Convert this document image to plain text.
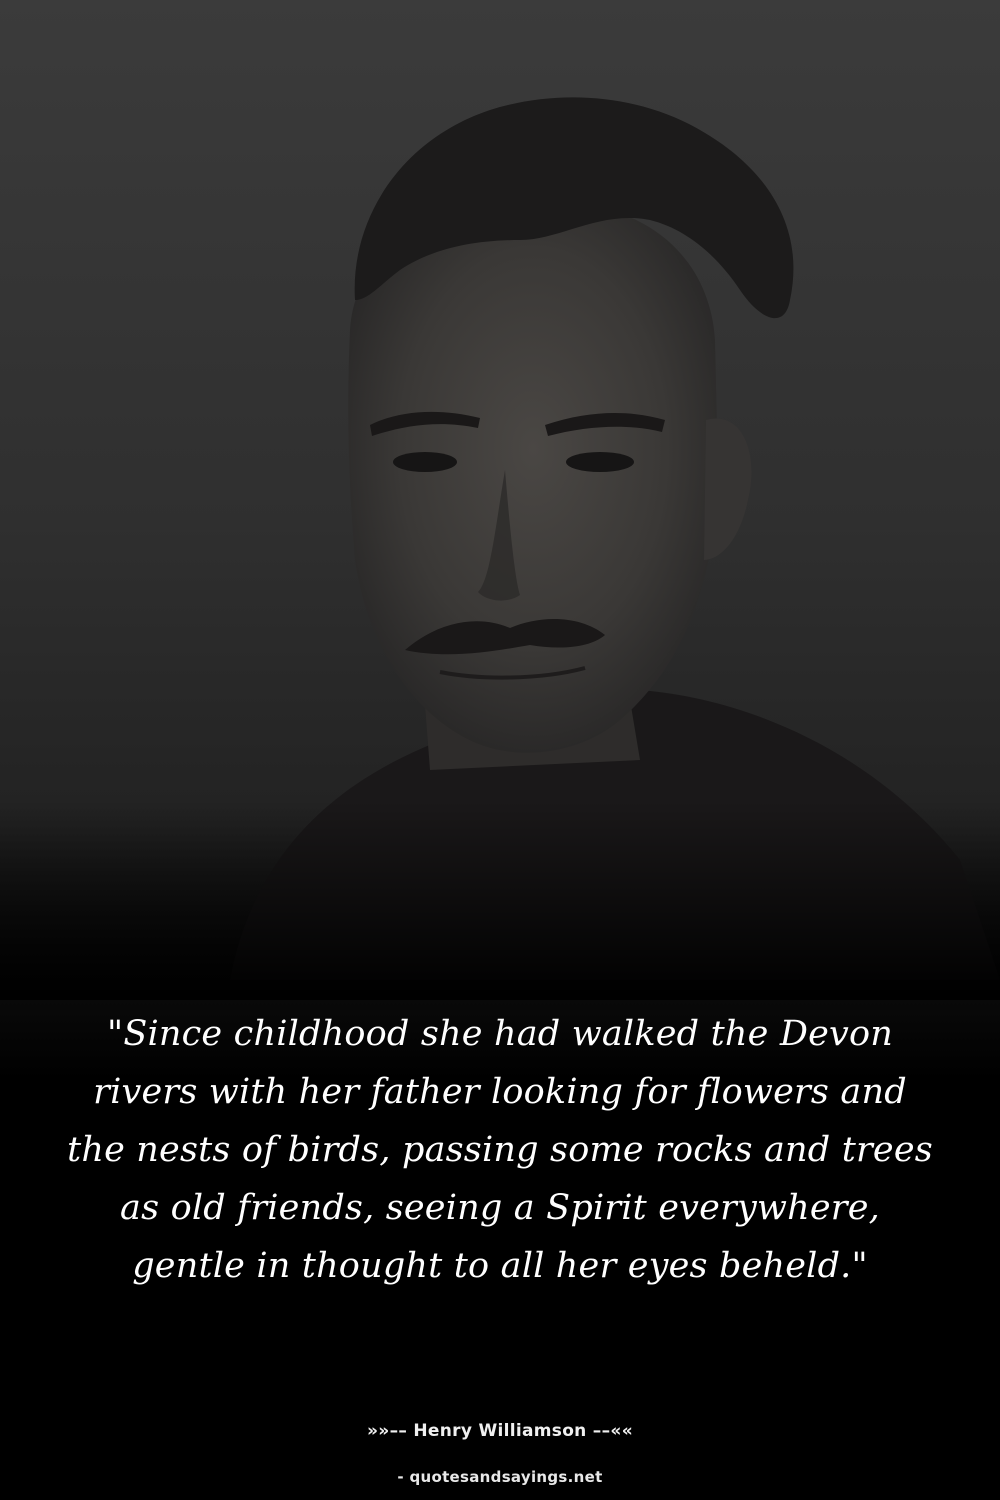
"Since childhood she had walked the Devon rivers with her father looking for flowers and the nests of birds, passing some rocks and trees as old friends, seeing a Spirit everywhere, gentle in thought to all her eyes beheld."

»»–– Henry Williamson ––««
- quotesandsayings.net
